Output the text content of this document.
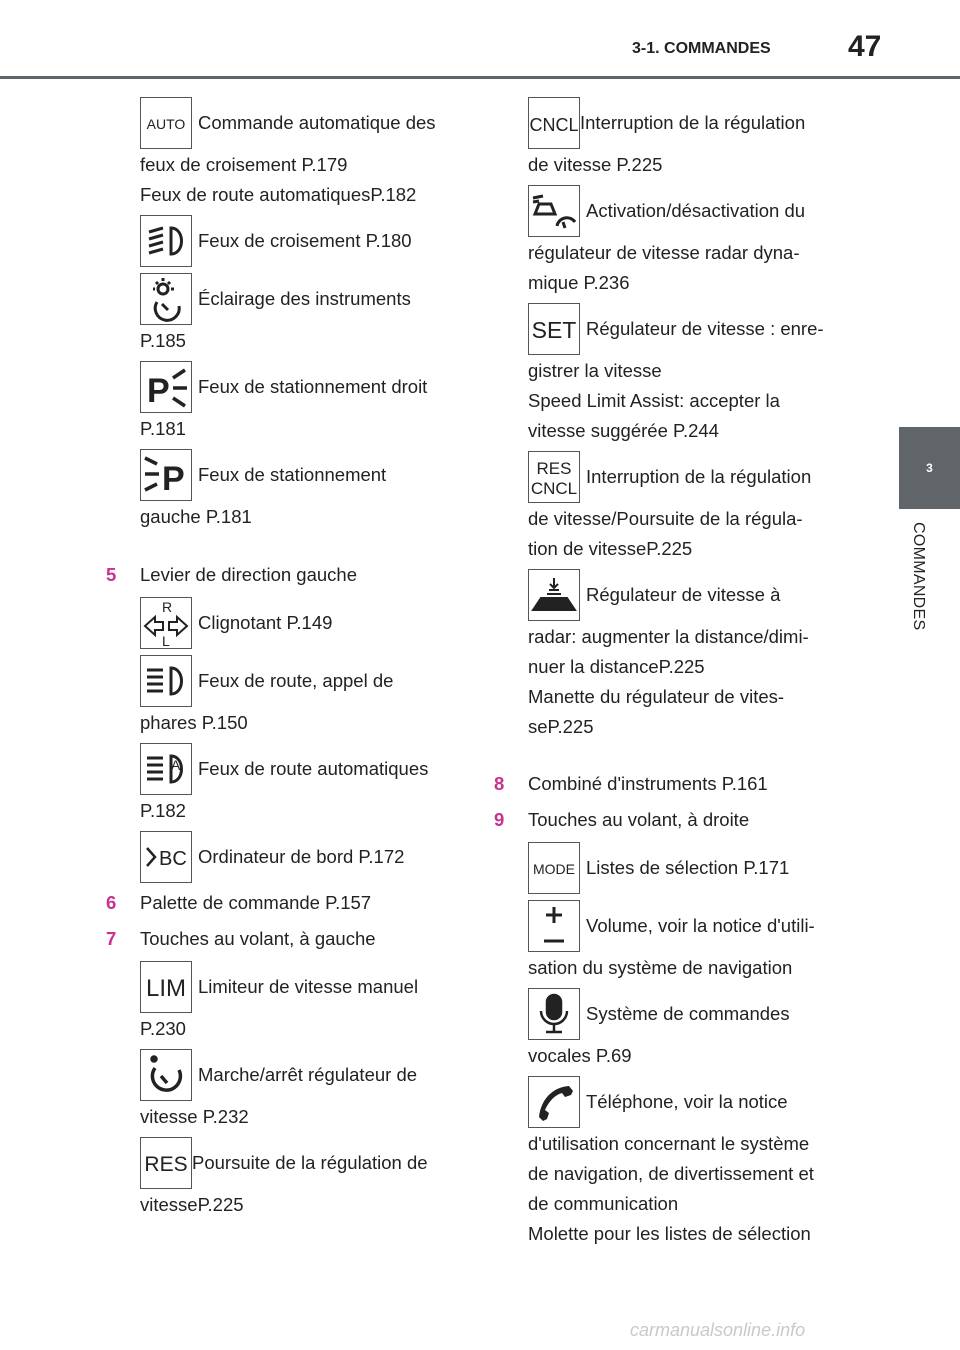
3-1. COMMANDES	47
3
COMMANDES
AUTO Commande automatique des
feux de croisement P.179
Feux de route automatiquesP.182
Feux de croisement P.180
Éclairage des instruments
P.185
P Feux de stationnement droit
P.181
P Feux de stationnement
gauche P.181
5	Levier de direction gauche
R
L
Clignotant P.149
Feux de route, appel de
phares P.150
A Feux de route automatiques
P.182
BC Ordinateur de bord P.172
6	Palette de commande P.157
7	Touches au volant, à gauche
LIM Limiteur de vitesse manuel
P.230
Marche/arrêt régulateur de
vitesse P.232
RES Poursuite de la régulation de
vitesseP.225
CNCL Interruption de la régulation
de vitesse P.225
Activation/désactivation du
régulateur de vitesse radar dyna-
mique P.236
SET Régulateur de vitesse : enre-
gistrer la vitesse
Speed Limit Assist: accepter la
vitesse suggérée P.244
RES
CNCL
Interruption de la régulation
de vitesse/Poursuite de la régula-
tion de vitesseP.225
Régulateur de vitesse à
radar: augmenter la distance/dimi-
nuer la distanceP.225
Manette du régulateur de vites-
seP.225
8	Combiné d'instruments P.161
9	Touches au volant, à droite
MODE Listes de sélection P.171
Volume, voir la notice d'utili-
sation du système de navigation
Système de commandes
vocales P.69
Téléphone, voir la notice
d'utilisation concernant le système
de navigation, de divertissement et
de communication
Molette pour les listes de sélection
carmanualsonline.info
